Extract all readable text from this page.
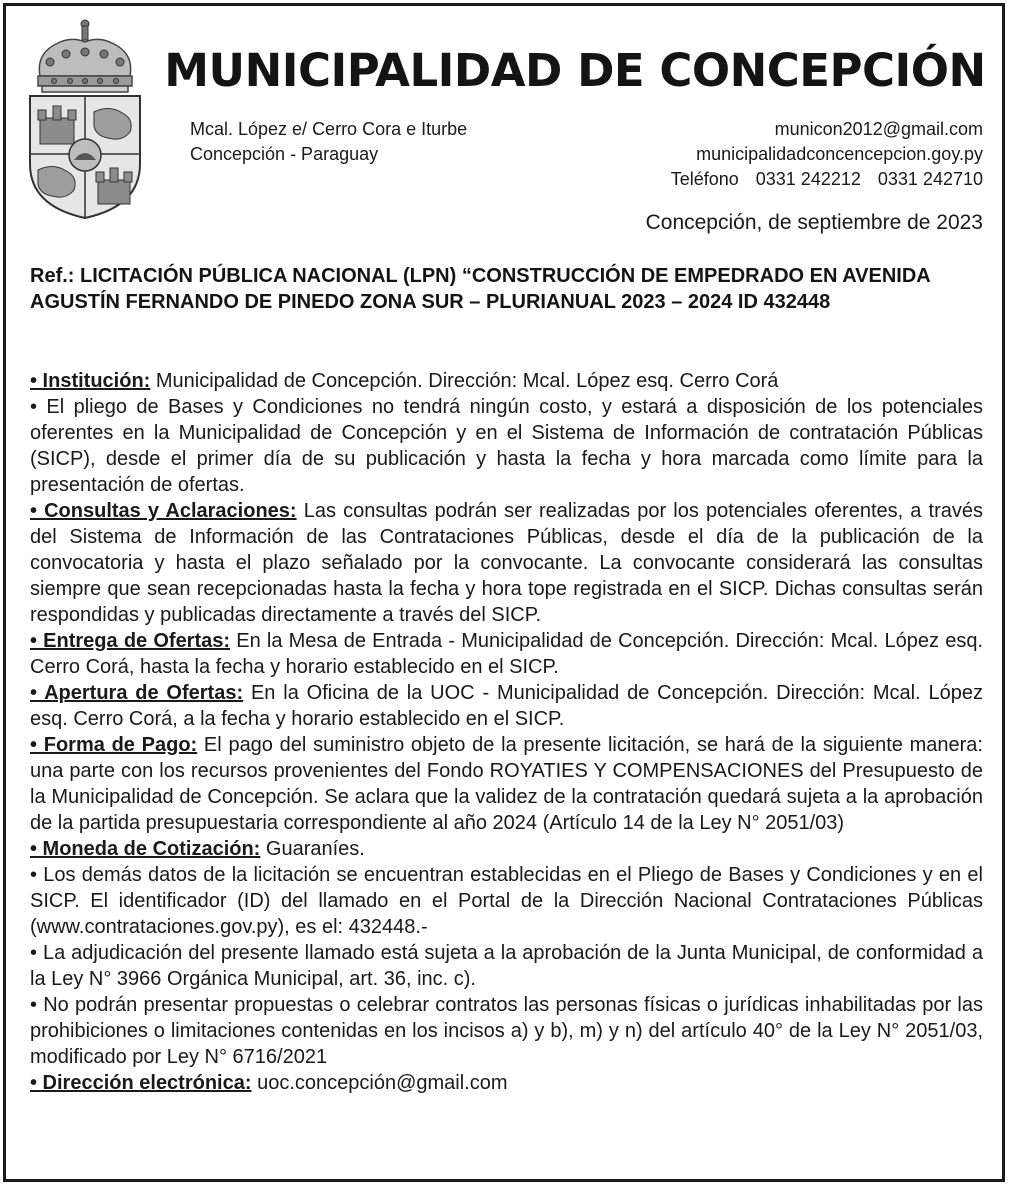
MUNICIPALIDAD DE CONCEPCIÓN
Mcal. López e/ Cerro Cora e Iturbe
Concepción - Paraguay
municon2012@gmail.com
municipalidadconcencepcion.goy.py
Teléfono 0331 242212 0331 242710
Concepción, de septiembre de 2023

Ref.: LICITACIÓN PÚBLICA NACIONAL (LPN) “CONSTRUCCIÓN DE EMPEDRADO EN AVENIDA AGUSTÍN FERNANDO DE PINEDO ZONA SUR – PLURIANUAL 2023 – 2024 ID 432448

• Institución: Municipalidad de Concepción. Dirección: Mcal. López esq. Cerro Corá

• El pliego de Bases y Condiciones no tendrá ningún costo, y estará a disposición de los potenciales oferentes en la Municipalidad de Concepción y en el Sistema de Información de contratación Públicas (SICP), desde el primer día de su publicación y hasta la fecha y hora marcada como límite para la presentación de ofertas.

• Consultas y Aclaraciones: Las consultas podrán ser realizadas por los potenciales oferentes, a través del Sistema de Información de las Contrataciones Públicas, desde el día de la publicación de la convocatoria y hasta el plazo señalado por la convocante. La convocante considerará las consultas siempre que sean recepcionadas hasta la fecha y hora tope registrada en el SICP. Dichas consultas serán respondidas y publicadas directamente a través del SICP.

• Entrega de Ofertas: En la Mesa de Entrada - Municipalidad de Concepción. Dirección: Mcal. López esq. Cerro Corá, hasta la fecha y horario establecido en el SICP.

• Apertura de Ofertas: En la Oficina de la UOC - Municipalidad de Concepción. Dirección: Mcal. López esq. Cerro Corá, a la fecha y horario establecido en el SICP.

• Forma de Pago: El pago del suministro objeto de la presente licitación, se hará de la siguiente manera: una parte con los recursos provenientes del Fondo ROYATIES Y COMPENSACIONES del Presupuesto de la Municipalidad de Concepción. Se aclara que la validez de la contratación quedará sujeta a la aprobación de la partida presupuestaria correspondiente al año 2024 (Artículo 14 de la Ley N° 2051/03)

• Moneda de Cotización: Guaraníes.

• Los demás datos de la licitación se encuentran establecidas en el Pliego de Bases y Condiciones y en el SICP. El identificador (ID) del llamado en el Portal de la Dirección Nacional Contrataciones Públicas (www.contrataciones.gov.py), es el: 432448.-

• La adjudicación del presente llamado está sujeta a la aprobación de la Junta Municipal, de conformidad a la Ley N° 3966 Orgánica Municipal, art. 36, inc. c).

• No podrán presentar propuestas o celebrar contratos las personas físicas o jurídicas inhabilitadas por las prohibiciones o limitaciones contenidas en los incisos a) y b), m) y n) del artículo 40° de la Ley N° 2051/03, modificado por Ley N° 6716/2021

• Dirección electrónica: uoc.concepción@gmail.com
